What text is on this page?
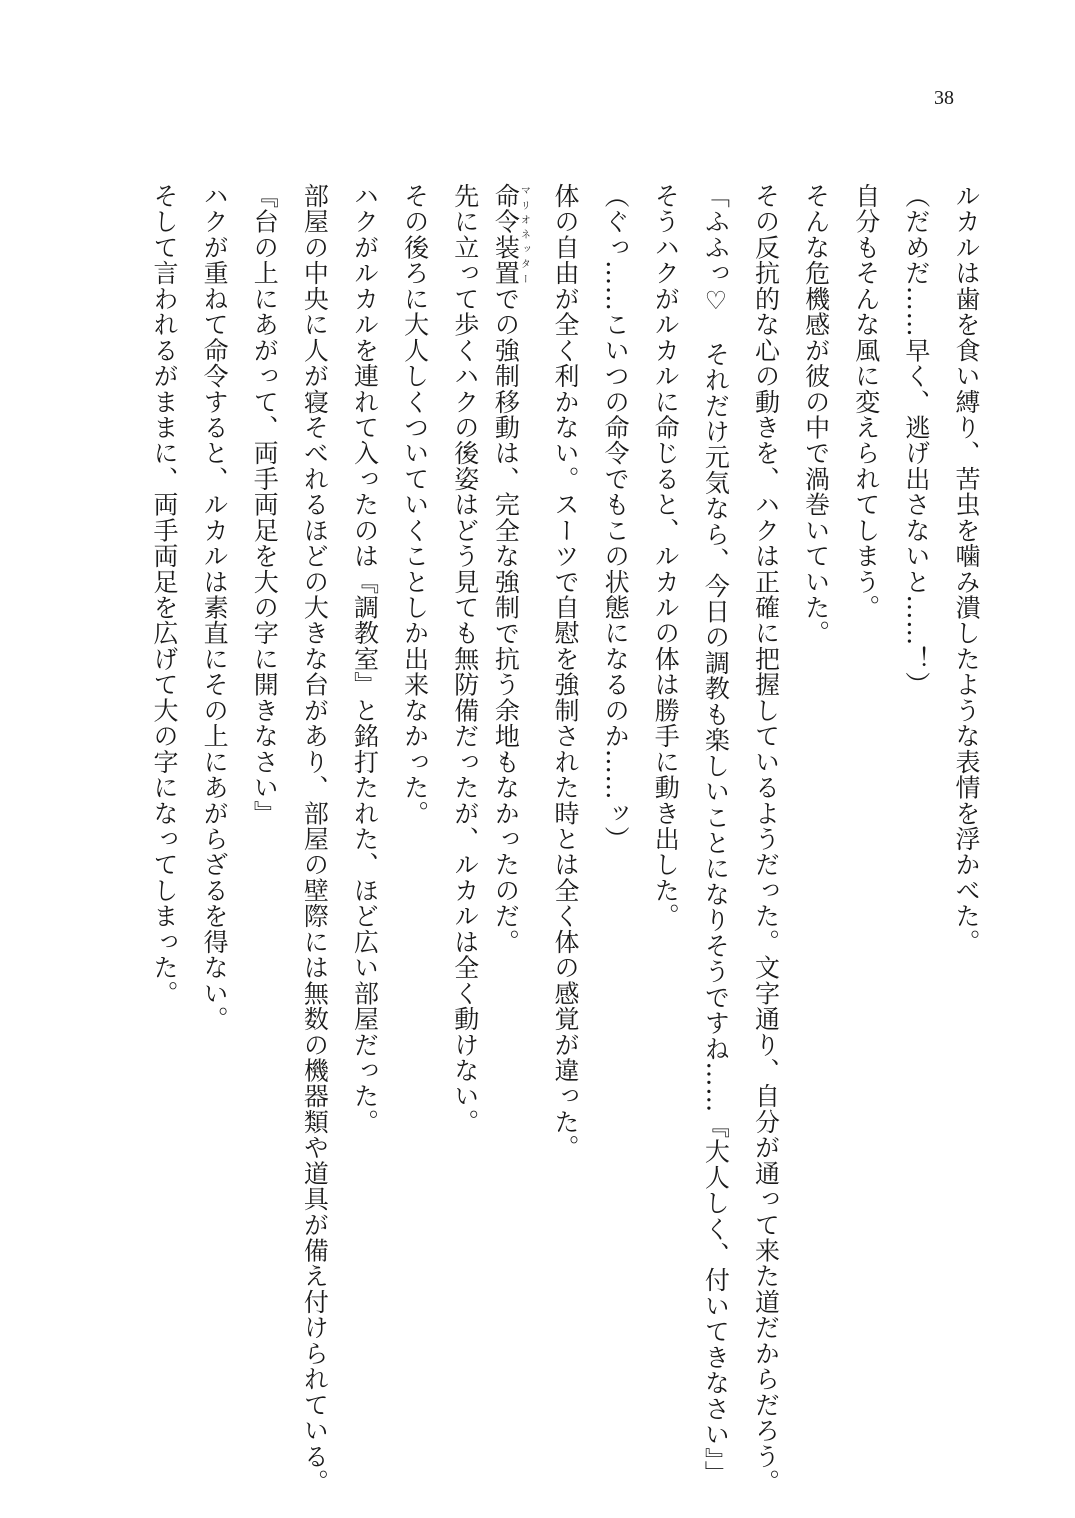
38
ルカルは歯を食い縛り、苦虫を噛み潰したような表情を浮かべた。
（だめだ……早く、逃げ出さないと……！）
自分もそんな風に変えられてしまう。
そんな危機感が彼の中で渦巻いていた。
その反抗的な心の動きを、ハクは正確に把握しているようだった。文字通り、自分が通って来た道だからだろう。
「ふふっ♡　それだけ元気なら、今日の調教も楽しいことになりそうですね……『大人しく、付いてきなさい』」
そうハクがルカルに命じると、ルカルの体は勝手に動き出した。
（ぐっ……こいつの命令でもこの状態になるのか……ッ）
体の自由が全く利かない。スーツで自慰を強制された時とは全く体の感覚が違った。
命令装置マリオネッターでの強制移動は、完全な強制で抗う余地もなかったのだ。
先に立って歩くハクの後姿はどう見ても無防備だったが、ルカルは全く動けない。
その後ろに大人しくついていくことしか出来なかった。
ハクがルカルを連れて入ったのは『調教室』と銘打たれた、ほど広い部屋だった。
部屋の中央に人が寝そべれるほどの大きな台があり、部屋の壁際には無数の機器類や道具が備え付けられている。
『台の上にあがって、両手両足を大の字に開きなさい』
ハクが重ねて命令すると、ルカルは素直にその上にあがらざるを得ない。
そして言われるがままに、両手両足を広げて大の字になってしまった。
